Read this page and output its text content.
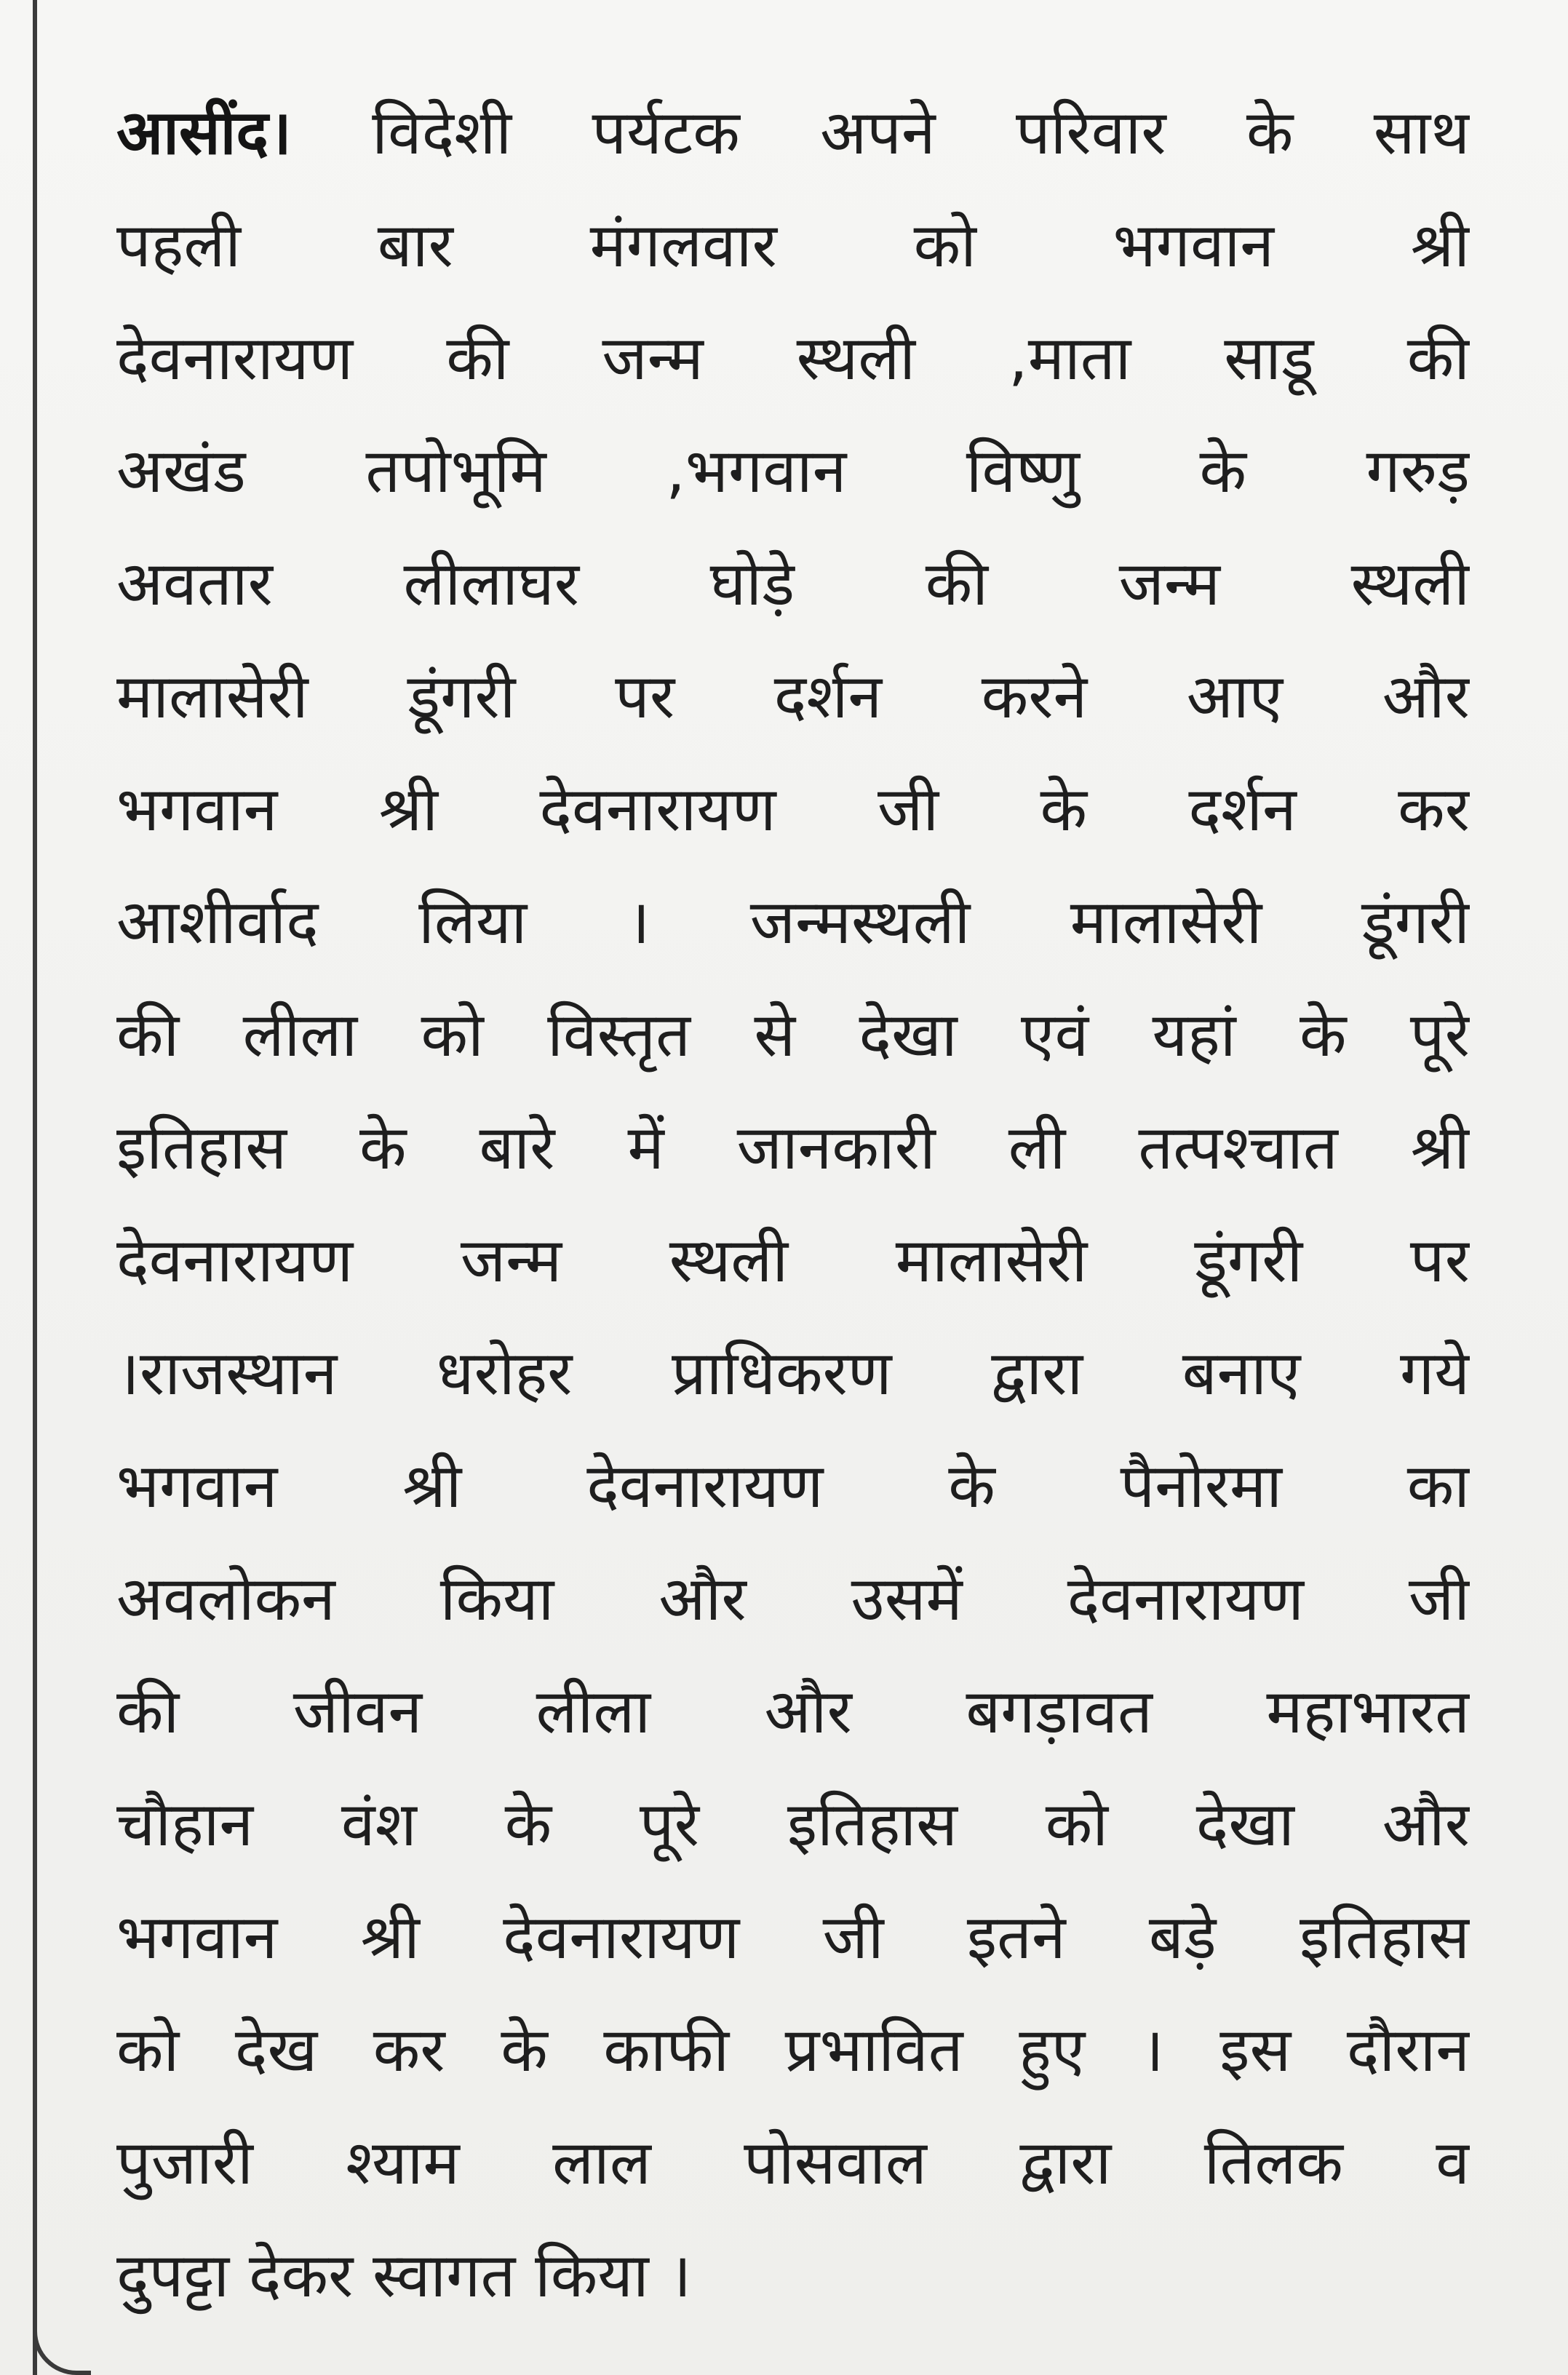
आसींद। विदेशी पर्यटक अपने परिवार के साथ
पहली बार मंगलवार को भगवान श्री
देवनारायण की जन्म स्थली ,माता साडू की
अखंड तपोभूमि ,भगवान विष्णु के गरुड़
अवतार लीलाघर घोड़े की जन्म स्थली
मालासेरी डूंगरी पर दर्शन करने आए और
भगवान श्री देवनारायण जी के दर्शन कर
आशीर्वाद लिया । जन्मस्थली मालासेरी डूंगरी
की लीला को विस्तृत से देखा एवं यहां के पूरे
इतिहास के बारे में जानकारी ली तत्पश्चात श्री
देवनारायण जन्म स्थली मालासेरी डूंगरी पर
।राजस्थान धरोहर प्राधिकरण द्वारा बनाए गये
भगवान श्री देवनारायण के पैनोरमा का
अवलोकन किया और उसमें देवनारायण जी
की जीवन लीला और बगड़ावत महाभारत
चौहान वंश के पूरे इतिहास को देखा और
भगवान श्री देवनारायण जी इतने बड़े इतिहास
को देख कर के काफी प्रभावित हुए । इस दौरान
पुजारी श्याम लाल पोसवाल द्वारा तिलक व
दुपट्टा देकर स्वागत किया ।
